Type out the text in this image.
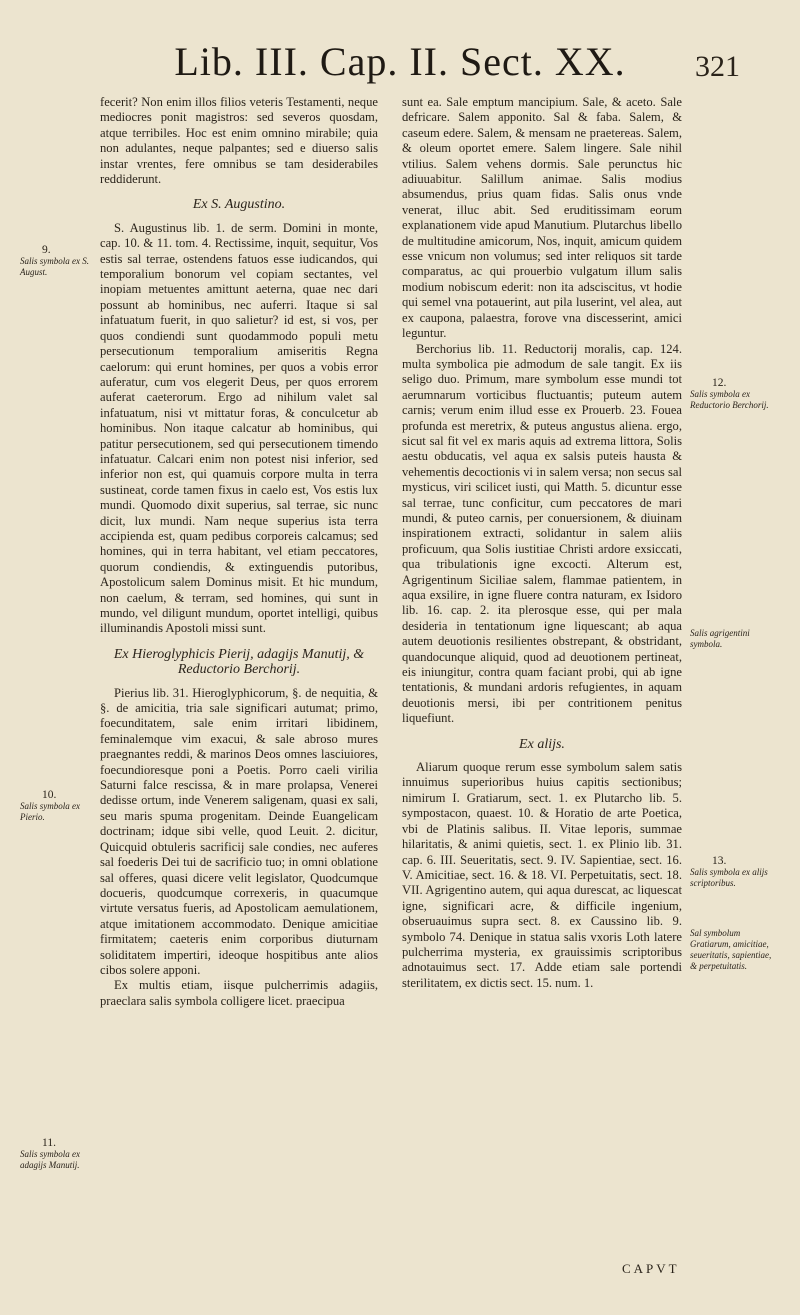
Lib. III. Cap. II. Sect. XX.	321

fecerit? Non enim illos filios veteris Testamenti, neque mediocres ponit magistros: sed severos quosdam, atque terribiles. Hoc est enim omnino mirabile; quia non adulantes, neque palpantes; sed e diuerso salis instar vrentes, fere omnibus se tam desiderabiles reddiderunt.

Ex S. Augustino.

S. Augustinus lib. 1. de serm. Domini in monte, cap. 10. & 11. tom. 4. Rectissime, inquit, sequitur, Vos estis sal terrae, ostendens fatuos esse iudicandos, qui temporalium bonorum vel copiam sectantes, vel inopiam metuentes amittunt aeterna, quae nec dari possunt ab hominibus, nec auferri. Itaque si sal infatuatum fuerit, in quo salietur? id est, si vos, per quos condiendi sunt quodammodo populi metu persecutionum temporalium amiseritis Regna caelorum: qui erunt homines, per quos a vobis error auferatur, cum vos elegerit Deus, per quos errorem auferat caeterorum. Ergo ad nihilum valet sal infatuatum, nisi vt mittatur foras, & conculcetur ab hominibus. Non itaque calcatur ab hominibus, qui patitur persecutionem, sed qui persecutionem timendo infatuatur. Calcari enim non potest nisi inferior, sed inferior non est, qui quamuis corpore multa in terra sustineat, corde tamen fixus in caelo est, Vos estis lux mundi. Quomodo dixit superius, sal terrae, sic nunc dicit, lux mundi. Nam neque superius ista terra accipienda est, quam pedibus corporeis calcamus; sed homines, qui in terra habitant, vel etiam peccatores, quorum condiendis, & extinguendis putoribus, Apostolicum salem Dominus misit. Et hic mundum, non caelum, & terram, sed homines, qui sunt in mundo, vel diligunt mundum, oportet intelligi, quibus illuminandis Apostoli missi sunt.

Ex Hieroglyphicis Pierij, adagijs Manutij, & Reductorio Berchorij.

Pierius lib. 31. Hieroglyphicorum, §. de nequitia, & §. de amicitia, tria sale significari autumat; primo, foecunditatem, sale enim irritari libidinem, feminalemque vim exacui, & sale abroso mures praegnantes reddi, & marinos Deos omnes lasciuiores, foecundioresque poni a Poetis. Porro caeli virilia Saturni falce rescissa, & in mare prolapsa, Venerei dedisse ortum, inde Venerem saligenam, quasi ex sali, seu maris spuma progenitam. Deinde Euangelicam doctrinam; idque sibi velle, quod Leuit. 2. dicitur, Quicquid obtuleris sacrificij sale condies, nec auferes sal foederis Dei tui de sacrificio tuo; in omni oblatione sal offeres, quasi dicere velit legislator, Quodcumque docueris, quodcumque correxeris, in quacumque virtute versatus fueris, ad Apostolicam aemulationem, atque imitationem accommodato. Denique amicitiae firmitatem; caeteris enim corporibus diuturnam soliditatem impertiri, ideoque hospitibus ante alios cibos solere apponi.

Ex multis etiam, iisque pulcherrimis adagiis, praeclara salis symbola colligere licet. praecipua

sunt ea. Sale emptum mancipium. Sale, & aceto. Sale defricare. Salem apponito. Sal & faba. Salem, & caseum edere. Salem, & mensam ne praetereas. Salem, & oleum oportet emere. Salem lingere. Sale nihil vtilius. Salem vehens dormis. Sale perunctus hic adiuuabitur. Salillum animae. Salis modius absumendus, prius quam fidas. Salis onus vnde venerat, illuc abit. Sed eruditissimam eorum explanationem vide apud Manutium. Plutarchus libello de multitudine amicorum, Nos, inquit, amicum quidem esse vnicum non volumus; sed inter reliquos sit tarde comparatus, ac qui prouerbio vulgatum illum salis modium nobiscum ederit: non ita adsciscitus, vt hodie qui semel vna potauerint, aut pila luserint, vel alea, aut ex caupona, palaestra, forove vna discesserint, amici leguntur.

Berchorius lib. 11. Reductorij moralis, cap. 124. multa symbolica pie admodum de sale tangit. Ex iis seligo duo. Primum, mare symbolum esse mundi tot aerumnarum vorticibus fluctuantis; puteum autem carnis; verum enim illud esse ex Prouerb. 23. Fouea profunda est meretrix, & puteus angustus aliena. ergo, sicut sal fit vel ex maris aquis ad extrema littora, Solis aestu obducatis, vel aqua ex salsis puteis hausta & vehementis decoctionis vi in salem versa; non secus sal mysticus, viri scilicet iusti, qui Matth. 5. dicuntur esse sal terrae, tunc conficitur, cum peccatores de mari mundi, & puteo carnis, per conuersionem, & diuinam inspirationem extracti, solidantur in salem aliis proficuum, qua Solis iustitiae Christi ardore exsiccati, qua tribulationis igne excocti. Alterum est, Agrigentinum Siciliae salem, flammae patientem, in aqua exsilire, in igne fluere contra naturam, ex Isidoro lib. 16. cap. 2. ita plerosque esse, qui per mala desideria in tentationum igne liquescant; ab aqua autem deuotionis resilientes obstrepant, & obstridant, quandocunque aliquid, quod ad deuotionem pertineat, eis iniungitur, contra quam faciant probi, qui ab igne tentationis, & mundani ardoris refugientes, in aquam deuotionis mersi, ibi per contritionem penitus liquefiunt.

Ex alijs.

Aliarum quoque rerum esse symbolum salem satis innuimus superioribus huius capitis sectionibus; nimirum I. Gratiarum, sect. 1. ex Plutarcho lib. 5. sympostacon, quaest. 10. & Horatio de arte Poetica, vbi de Platinis salibus. II. Vitae leporis, summae hilaritatis, & animi quietis, sect. 1. ex Plinio lib. 31. cap. 6. III. Seueritatis, sect. 9. IV. Sapientiae, sect. 16. V. Amicitiae, sect. 16. & 18. VI. Perpetuitatis, sect. 18. VII. Agrigentino autem, qui aqua durescat, ac liquescat igne, significari acre, & difficile ingenium, obseruauimus supra sect. 8. ex Caussino lib. 9. symbolo 74. Denique in statua salis vxoris Loth latere pulcherrima mysteria, ex grauissimis scriptoribus adnotauimus sect. 17. Adde etiam sale portendi sterilitatem, ex dictis sect. 15. num. 1.

9.
Salis symbola ex S. August.
10.
Salis symbola ex Pierio.
11.
Salis symbola ex adagijs Manutij.
12.
Salis symbola ex Reductorio Berchorij.
Salis agrigentini symbola.
13.
Salis symbola ex alijs scriptoribus.
Sal symbolum Gratiarum, amicitiae, seueritatis, sapientiae, & perpetuitatis.
CAPVT
